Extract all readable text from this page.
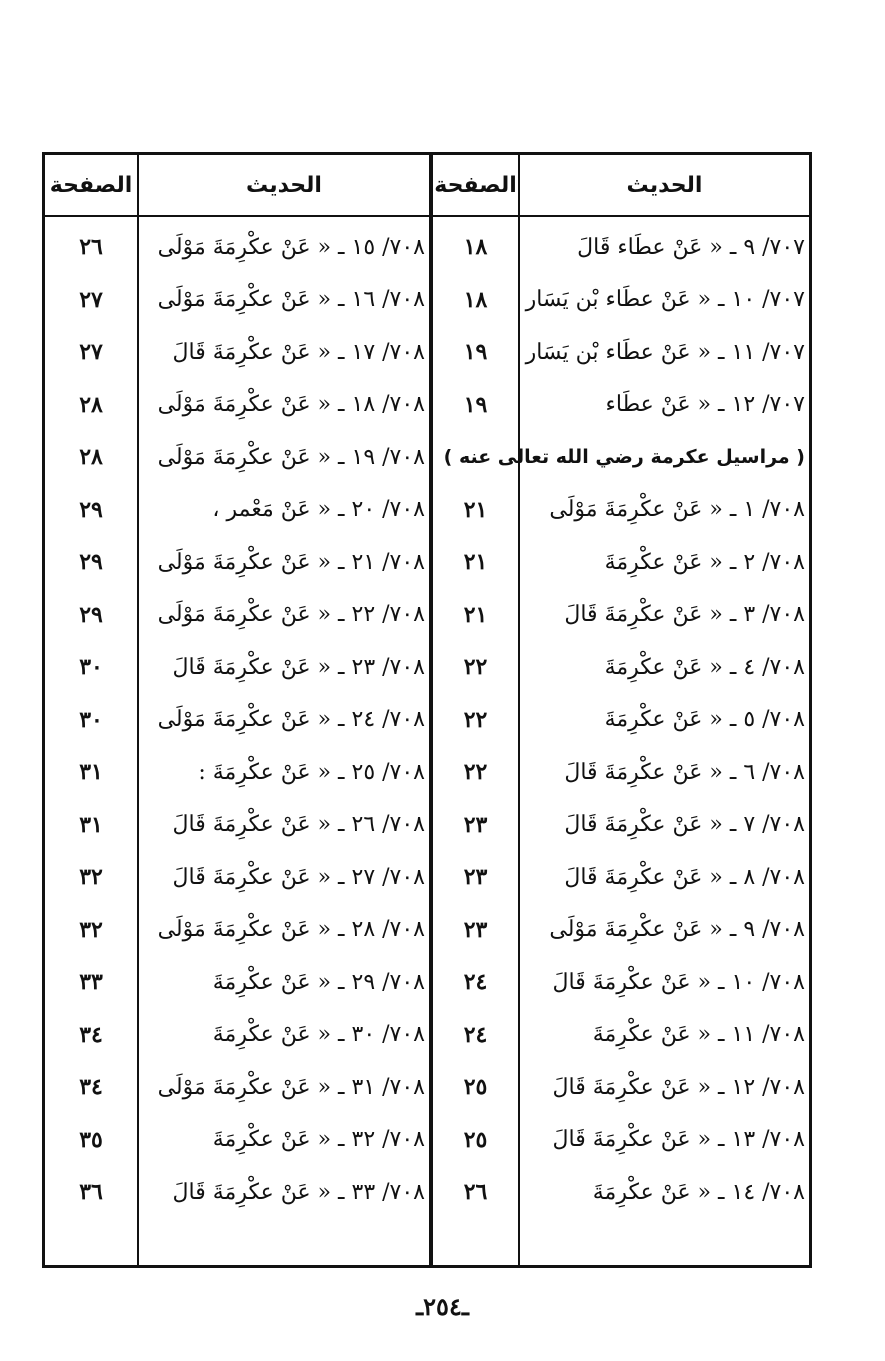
الحديث
الصفحة
الحديث
الصفحة
٧٠٧/ ٩ ـ « عَنْ عطَاء قَالَ
١٨
٧٠٨/ ١٥ ـ « عَنْ عكْرِمَةَ مَوْلَى
٢٦
٧٠٧/ ١٠ ـ « عَنْ عطَاء بْن يَسَار
١٨
٧٠٨/ ١٦ ـ « عَنْ عكْرِمَةَ مَوْلَى
٢٧
٧٠٧/ ١١ ـ « عَنْ عطَاء بْن يَسَار
١٩
٧٠٨/ ١٧ ـ « عَنْ عكْرِمَةَ قَالَ
٢٧
٧٠٧/ ١٢ ـ « عَنْ عطَاء
١٩
٧٠٨/ ١٨ ـ « عَنْ عكْرِمَةَ مَوْلَى
٢٨
( مراسيل عكرمة رضي الله تعالى عنه )
٧٠٨/ ١٩ ـ « عَنْ عكْرِمَةَ مَوْلَى
٢٨
٧٠٨/ ١ ـ « عَنْ عكْرِمَةَ مَوْلَى
٢١
٧٠٨/ ٢٠ ـ « عَنْ مَعْمر ،
٢٩
٧٠٨/ ٢ ـ « عَنْ عكْرِمَةَ
٢١
٧٠٨/ ٢١ ـ « عَنْ عكْرِمَةَ مَوْلَى
٢٩
٧٠٨/ ٣ ـ « عَنْ عكْرِمَةَ قَالَ
٢١
٧٠٨/ ٢٢ ـ « عَنْ عكْرِمَةَ مَوْلَى
٢٩
٧٠٨/ ٤ ـ « عَنْ عكْرِمَةَ
٢٢
٧٠٨/ ٢٣ ـ « عَنْ عكْرِمَةَ قَالَ
٣٠
٧٠٨/ ٥ ـ « عَنْ عكْرِمَةَ
٢٢
٧٠٨/ ٢٤ ـ « عَنْ عكْرِمَةَ مَوْلَى
٣٠
٧٠٨/ ٦ ـ « عَنْ عكْرِمَةَ قَالَ
٢٢
٧٠٨/ ٢٥ ـ « عَنْ عكْرِمَةَ :
٣١
٧٠٨/ ٧ ـ « عَنْ عكْرِمَةَ قَالَ
٢٣
٧٠٨/ ٢٦ ـ « عَنْ عكْرِمَةَ قَالَ
٣١
٧٠٨/ ٨ ـ « عَنْ عكْرِمَةَ قَالَ
٢٣
٧٠٨/ ٢٧ ـ « عَنْ عكْرِمَةَ قَالَ
٣٢
٧٠٨/ ٩ ـ « عَنْ عكْرِمَةَ مَوْلَى
٢٣
٧٠٨/ ٢٨ ـ « عَنْ عكْرِمَةَ مَوْلَى
٣٢
٧٠٨/ ١٠ ـ « عَنْ عكْرِمَةَ قَالَ
٢٤
٧٠٨/ ٢٩ ـ « عَنْ عكْرِمَةَ
٣٣
٧٠٨/ ١١ ـ « عَنْ عكْرِمَةَ
٢٤
٧٠٨/ ٣٠ ـ « عَنْ عكْرِمَةَ
٣٤
٧٠٨/ ١٢ ـ « عَنْ عكْرِمَةَ قَالَ
٢٥
٧٠٨/ ٣١ ـ « عَنْ عكْرِمَةَ مَوْلَى
٣٤
٧٠٨/ ١٣ ـ « عَنْ عكْرِمَةَ قَالَ
٢٥
٧٠٨/ ٣٢ ـ « عَنْ عكْرِمَةَ
٣٥
٧٠٨/ ١٤ ـ « عَنْ عكْرِمَةَ
٢٦
٧٠٨/ ٣٣ ـ « عَنْ عكْرِمَةَ قَالَ
٣٦
ـ٢٥٤ـ
